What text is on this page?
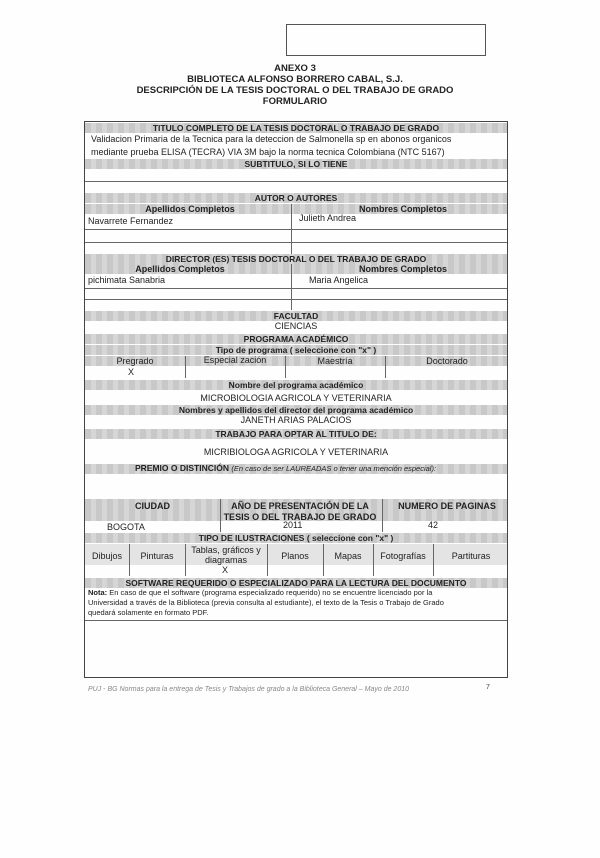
ANEXO 3
BIBLIOTECA ALFONSO BORRERO CABAL, S.J.
DESCRIPCIÓN DE LA TESIS DOCTORAL O DEL TRABAJO DE GRADO
FORMULARIO
TITULO COMPLETO DE LA TESIS DOCTORAL O TRABAJO DE GRADO
Validacion Primaria de la Tecnica para la deteccion de Salmonella sp en abonos organicos
mediante prueba ELISA (TECRA) VIA 3M bajo la norma tecnica Colombiana (NTC 5167)
SUBTITULO, SI LO TIENE
AUTOR O AUTORES
Apellidos Completos	Nombres Completos
Navarrete Fernandez	Julieth Andrea
DIRECTOR (ES) TESIS DOCTORAL O DEL TRABAJO DE GRADO
Apellidos Completos	Nombres Completos
pichimata Sanabria	Maria Angelica
FACULTAD
CIENCIAS
PROGRAMA ACADÉMICO
Tipo de programa ( seleccione con "x" )
Pregrado	Especial zación	Maestría	Doctorado
X
Nombre del programa académico
MICROBIOLOGIA AGRICOLA Y VETERINARIA
Nombres y apellidos del director del programa académico
JANETH ARIAS PALACIOS
TRABAJO PARA OPTAR AL TITULO DE:
MICRIBIOLOGA AGRICOLA Y VETERINARIA
PREMIO O DISTINCIÓN (En caso de ser LAUREADAS o tener una mención especial):
CIUDAD	AÑO DE PRESENTACIÓN DE LA
TESIS O DEL TRABAJO DE GRADO
NUMERO DE PAGINAS
BOGOTA	2011	42
TIPO DE ILUSTRACIONES ( seleccione con "x" )
Dibujos	Pinturas
Tablas, gráficos y diagramas	Planos	Mapas	Fotografías	Partituras
X
SOFTWARE REQUERIDO O ESPECIALIZADO PARA LA LECTURA DEL DOCUMENTO
Nota: En caso de que el software (programa especializado requerido) no se encuentre licenciado por la
Universidad a través de la Biblioteca (previa consulta al estudiante), el texto de la Tesis o Trabajo de Grado
quedará solamente en formato PDF.
PUJ - BG Normas para la entrega de Tesis y Trabajos de grado a la Biblioteca General – Mayo de 2010	7
